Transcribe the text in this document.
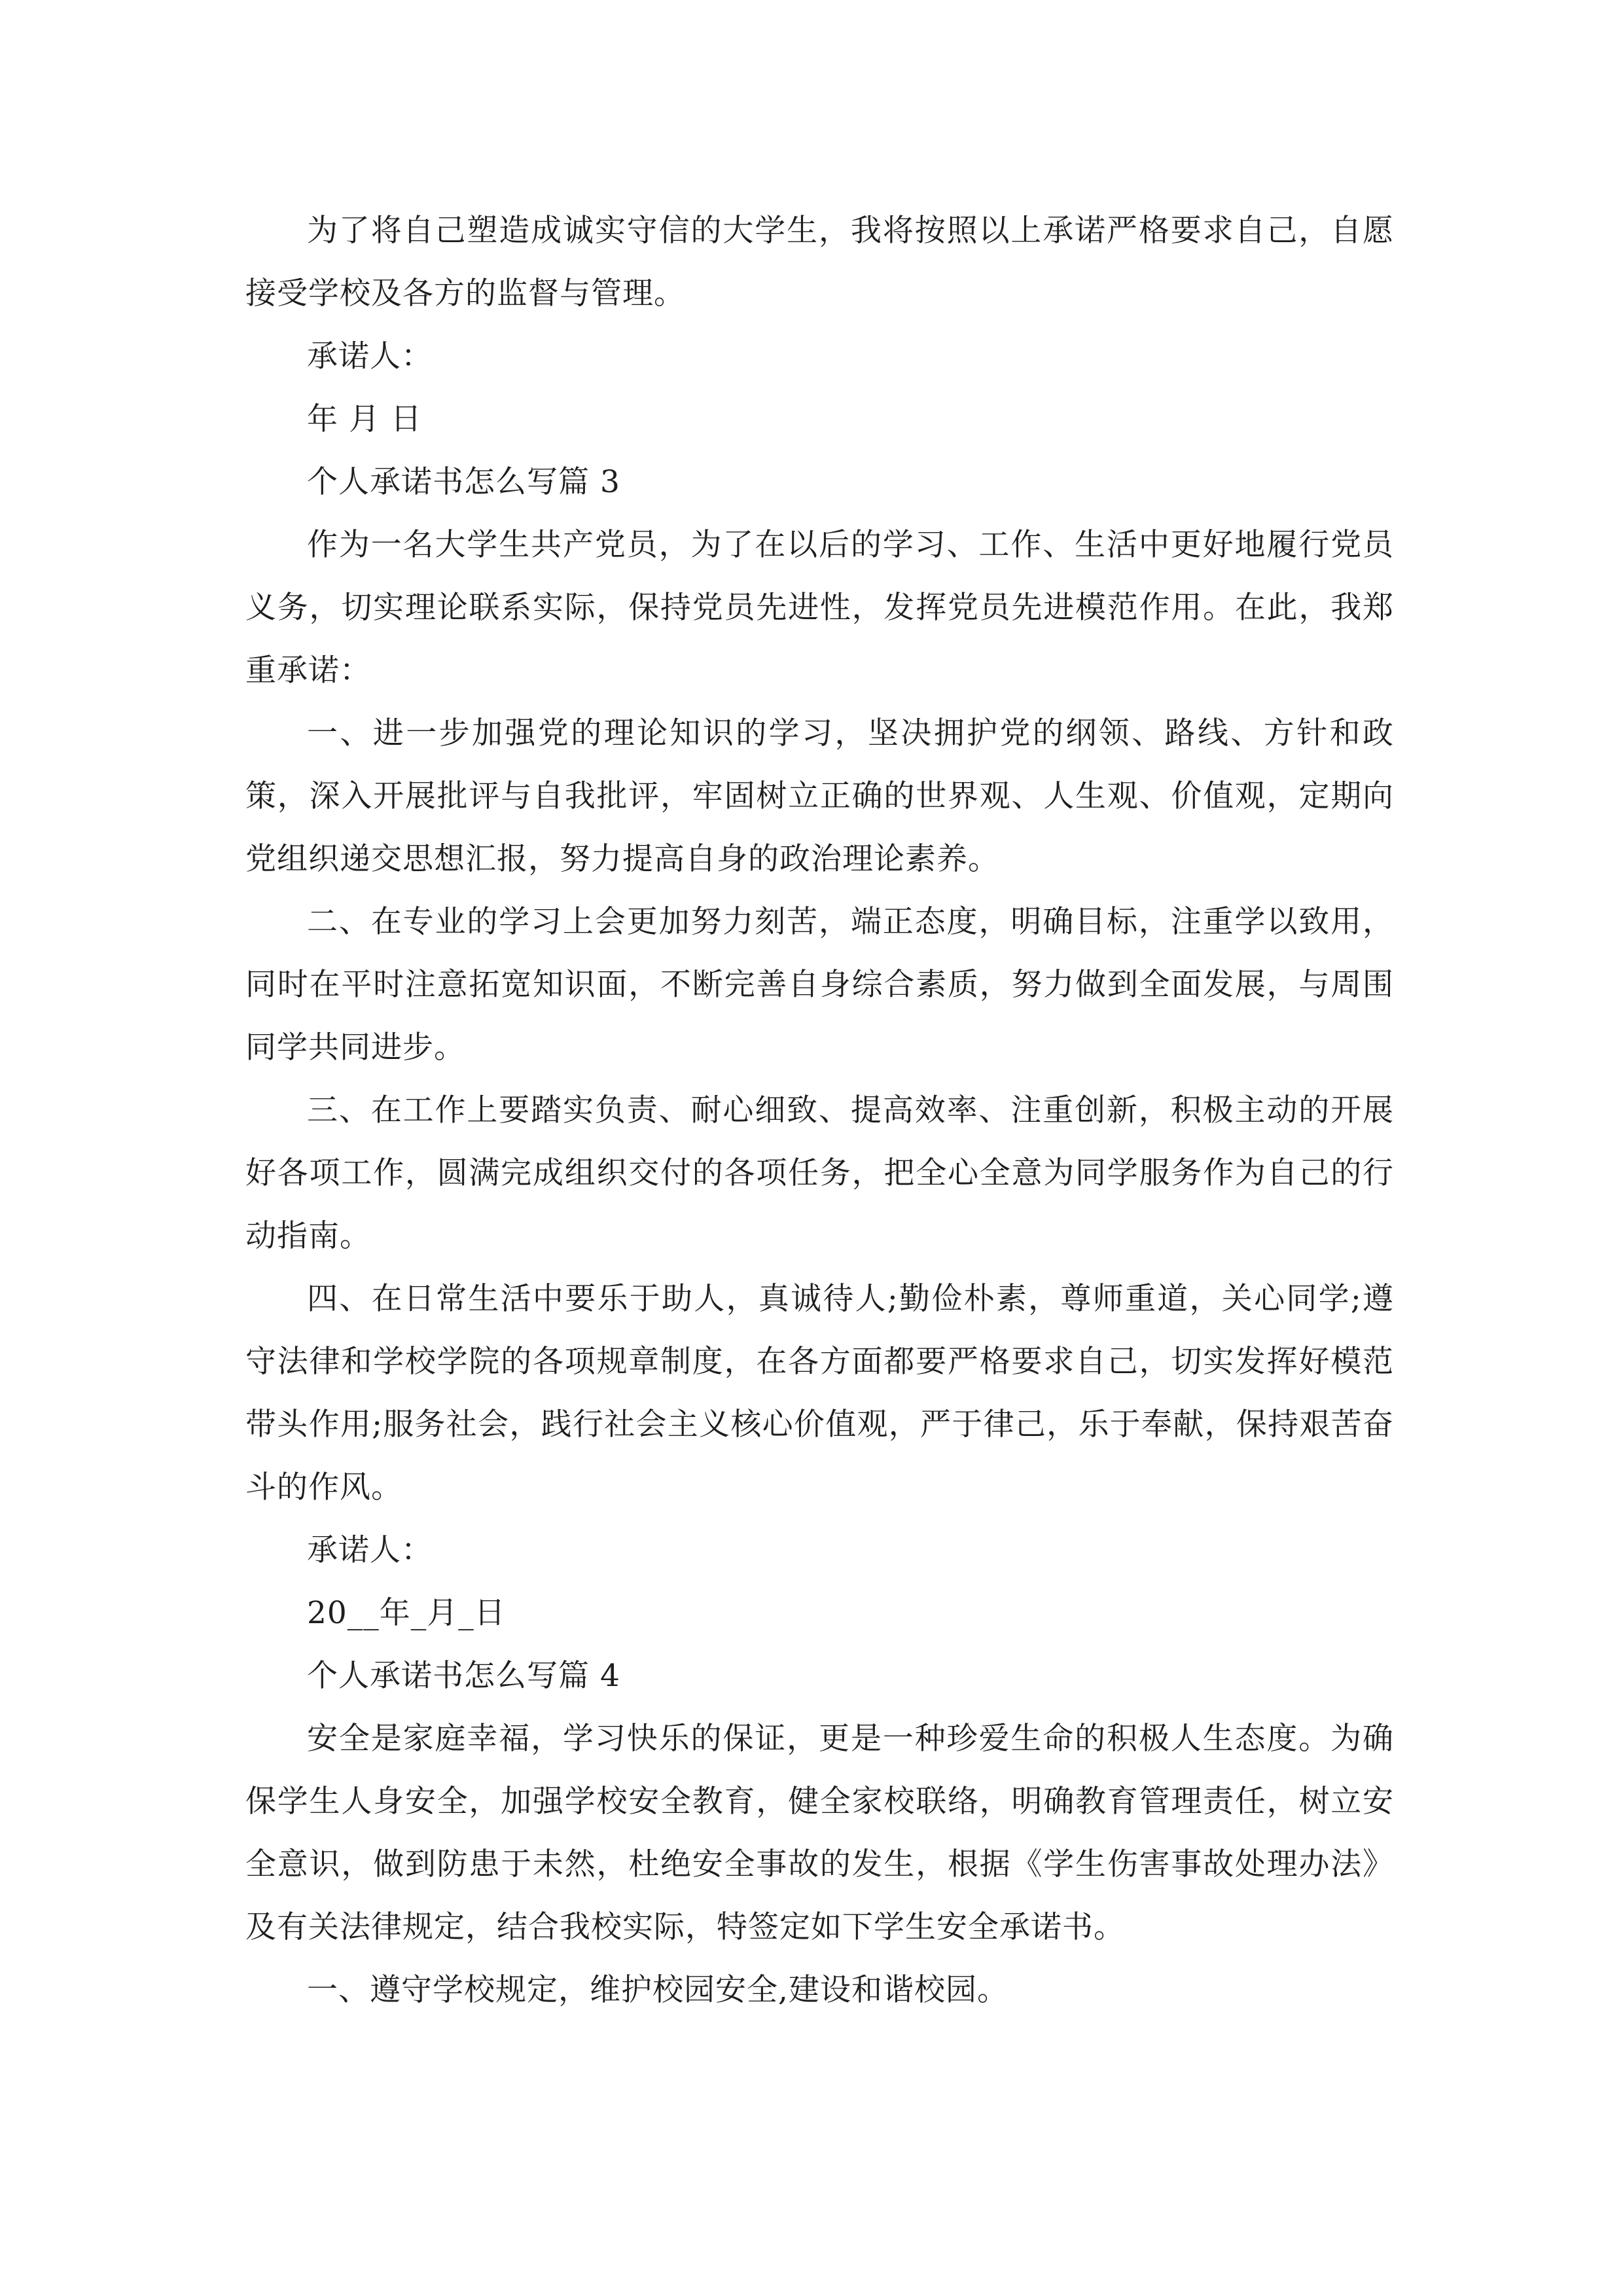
为了将自己塑造成诚实守信的大学生，我将按照以上承诺严格要求自己，自愿接受学校及各方的监督与管理。

承诺人：

年 月 日

个人承诺书怎么写篇 3

作为一名大学生共产党员，为了在以后的学习、工作、生活中更好地履行党员义务，切实理论联系实际，保持党员先进性，发挥党员先进模范作用。在此，我郑重承诺：

一、进一步加强党的理论知识的学习，坚决拥护党的纲领、路线、方针和政策，深入开展批评与自我批评，牢固树立正确的世界观、人生观、价值观，定期向党组织递交思想汇报，努力提高自身的政治理论素养。

二、在专业的学习上会更加努力刻苦，端正态度，明确目标，注重学以致用，同时在平时注意拓宽知识面，不断完善自身综合素质，努力做到全面发展，与周围同学共同进步。

三、在工作上要踏实负责、耐心细致、提高效率、注重创新，积极主动的开展好各项工作，圆满完成组织交付的各项任务，把全心全意为同学服务作为自己的行动指南。

四、在日常生活中要乐于助人，真诚待人;勤俭朴素，尊师重道，关心同学;遵守法律和学校学院的各项规章制度，在各方面都要严格要求自己，切实发挥好模范带头作用;服务社会，践行社会主义核心价值观，严于律己，乐于奉献，保持艰苦奋斗的作风。

承诺人：

20__年_月_日

个人承诺书怎么写篇 4

安全是家庭幸福，学习快乐的保证，更是一种珍爱生命的积极人生态度。为确保学生人身安全，加强学校安全教育，健全家校联络，明确教育管理责任，树立安全意识，做到防患于未然，杜绝安全事故的发生，根据《学生伤害事故处理办法》及有关法律规定，结合我校实际，特签定如下学生安全承诺书。

一、遵守学校规定，维护校园安全,建设和谐校园。
